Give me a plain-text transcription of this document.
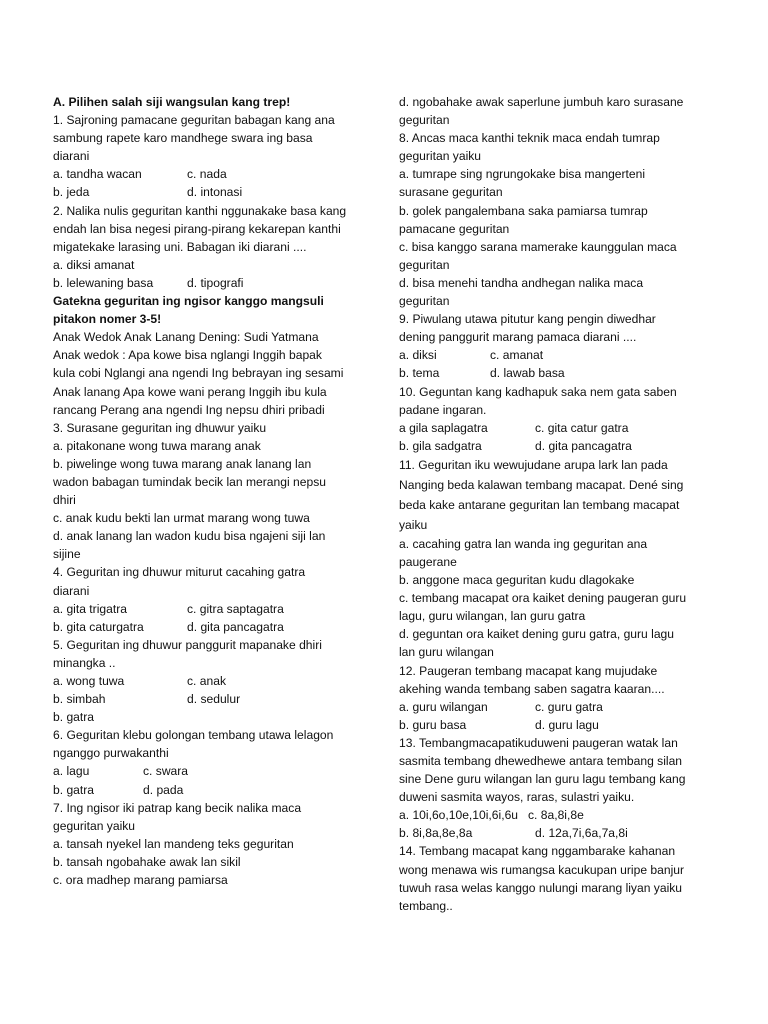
A. Pilihen salah siji wangsulan kang trep!
1. Sajroning pamacane geguritan babagan kang ana
sambung rapete karo mandhege swara ing basa
diarani
a. tandha wacan	c. nada
b. jeda	d. intonasi
2. Nalika nulis geguritan kanthi nggunakake basa kang
endah lan bisa negesi pirang-pirang kekarepan kanthi
migatekake larasing uni. Babagan iki diarani ....
a. diksi amanat
b. lelewaning basa	d. tipografi
Gatekna geguritan ing ngisor kanggo mangsuli
pitakon nomer 3-5!
Anak Wedok Anak Lanang Dening: Sudi Yatmana
Anak wedok : Apa kowe bisa nglangi Inggih bapak
kula cobi Nglangi ana ngendi Ing bebrayan ing sesami
Anak lanang Apa kowe wani perang Inggih ibu kula
rancang Perang ana ngendi Ing nepsu dhiri pribadi
3. Surasane geguritan ing dhuwur yaiku
a. pitakonane wong tuwa marang anak
b. piwelinge wong tuwa marang anak lanang lan
wadon babagan tumindak becik lan merangi nepsu
dhiri
c. anak kudu bekti lan urmat marang wong tuwa
d. anak lanang lan wadon kudu bisa ngajeni siji lan
sijine
4. Geguritan ing dhuwur miturut cacahing gatra
diarani
a. gita trigatra	c. gitra saptagatra
b. gita caturgatra	d. gita pancagatra
5. Geguritan ing dhuwur panggurit mapanake dhiri
minangka ..
a. wong tuwa	c. anak
b. simbah	d. sedulur
b. gatra
6. Geguritan klebu golongan tembang utawa lelagon
nganggo purwakanthi
a. lagu	c. swara
b. gatra	d. pada
7. Ing ngisor iki patrap kang becik nalika maca
geguritan yaiku
a. tansah nyekel lan mandeng teks geguritan
b. tansah ngobahake awak lan sikil
c. ora madhep marang pamiarsa
d. ngobahake awak saperlune jumbuh karo surasane
geguritan
8. Ancas maca kanthi teknik maca endah tumrap
geguritan yaiku
a. tumrape sing ngrungokake bisa mangerteni
surasane geguritan
b. golek pangalembana saka pamiarsa tumrap
pamacane geguritan
c. bisa kanggo sarana mamerake kaunggulan maca
geguritan
d. bisa menehi tandha andhegan nalika maca
geguritan
9. Piwulang utawa pitutur kang pengin diwedhar
dening panggurit marang pamaca diarani ....
a. diksi	c. amanat
b. tema	d. lawab basa
10. Geguntan kang kadhapuk saka nem gata saben
padane ingaran.
a gila saplagatra	c. gita catur gatra
b. gila sadgatra	d. gita pancagatra
11. Geguritan iku wewujudane arupa lark lan pada
Nanging beda kalawan tembang macapat. Dené sing
beda kake antarane geguritan lan tembang macapat
yaiku
a. cacahing gatra lan wanda ing geguritan ana
paugerane
b. anggone maca geguritan kudu dlagokake
c. tembang macapat ora kaiket dening paugeran guru
lagu, guru wilangan, lan guru gatra
d. geguntan ora kaiket dening guru gatra, guru lagu
lan guru wilangan
12. Paugeran tembang macapat kang mujudake
akehing wanda tembang saben sagatra kaaran....
a. guru wilangan	c. guru gatra
b. guru basa	d. guru lagu
13. Tembangmacapatikuduweni paugeran watak lan
sasmita tembang dhewedhewe antara tembang silan
sine Dene guru wilangan lan guru lagu tembang kang
duweni sasmita wayos, raras, sulastri yaiku.
a. 10i,6o,10e,10i,6i,6u c. 8a,8i,8e
b. 8i,8a,8e,8a	d. 12a,7i,6a,7a,8i
14. Tembang macapat kang nggambarake kahanan
wong menawa wis rumangsa kacukupan uripe banjur
tuwuh rasa welas kanggo nulungi marang liyan yaiku
tembang..
